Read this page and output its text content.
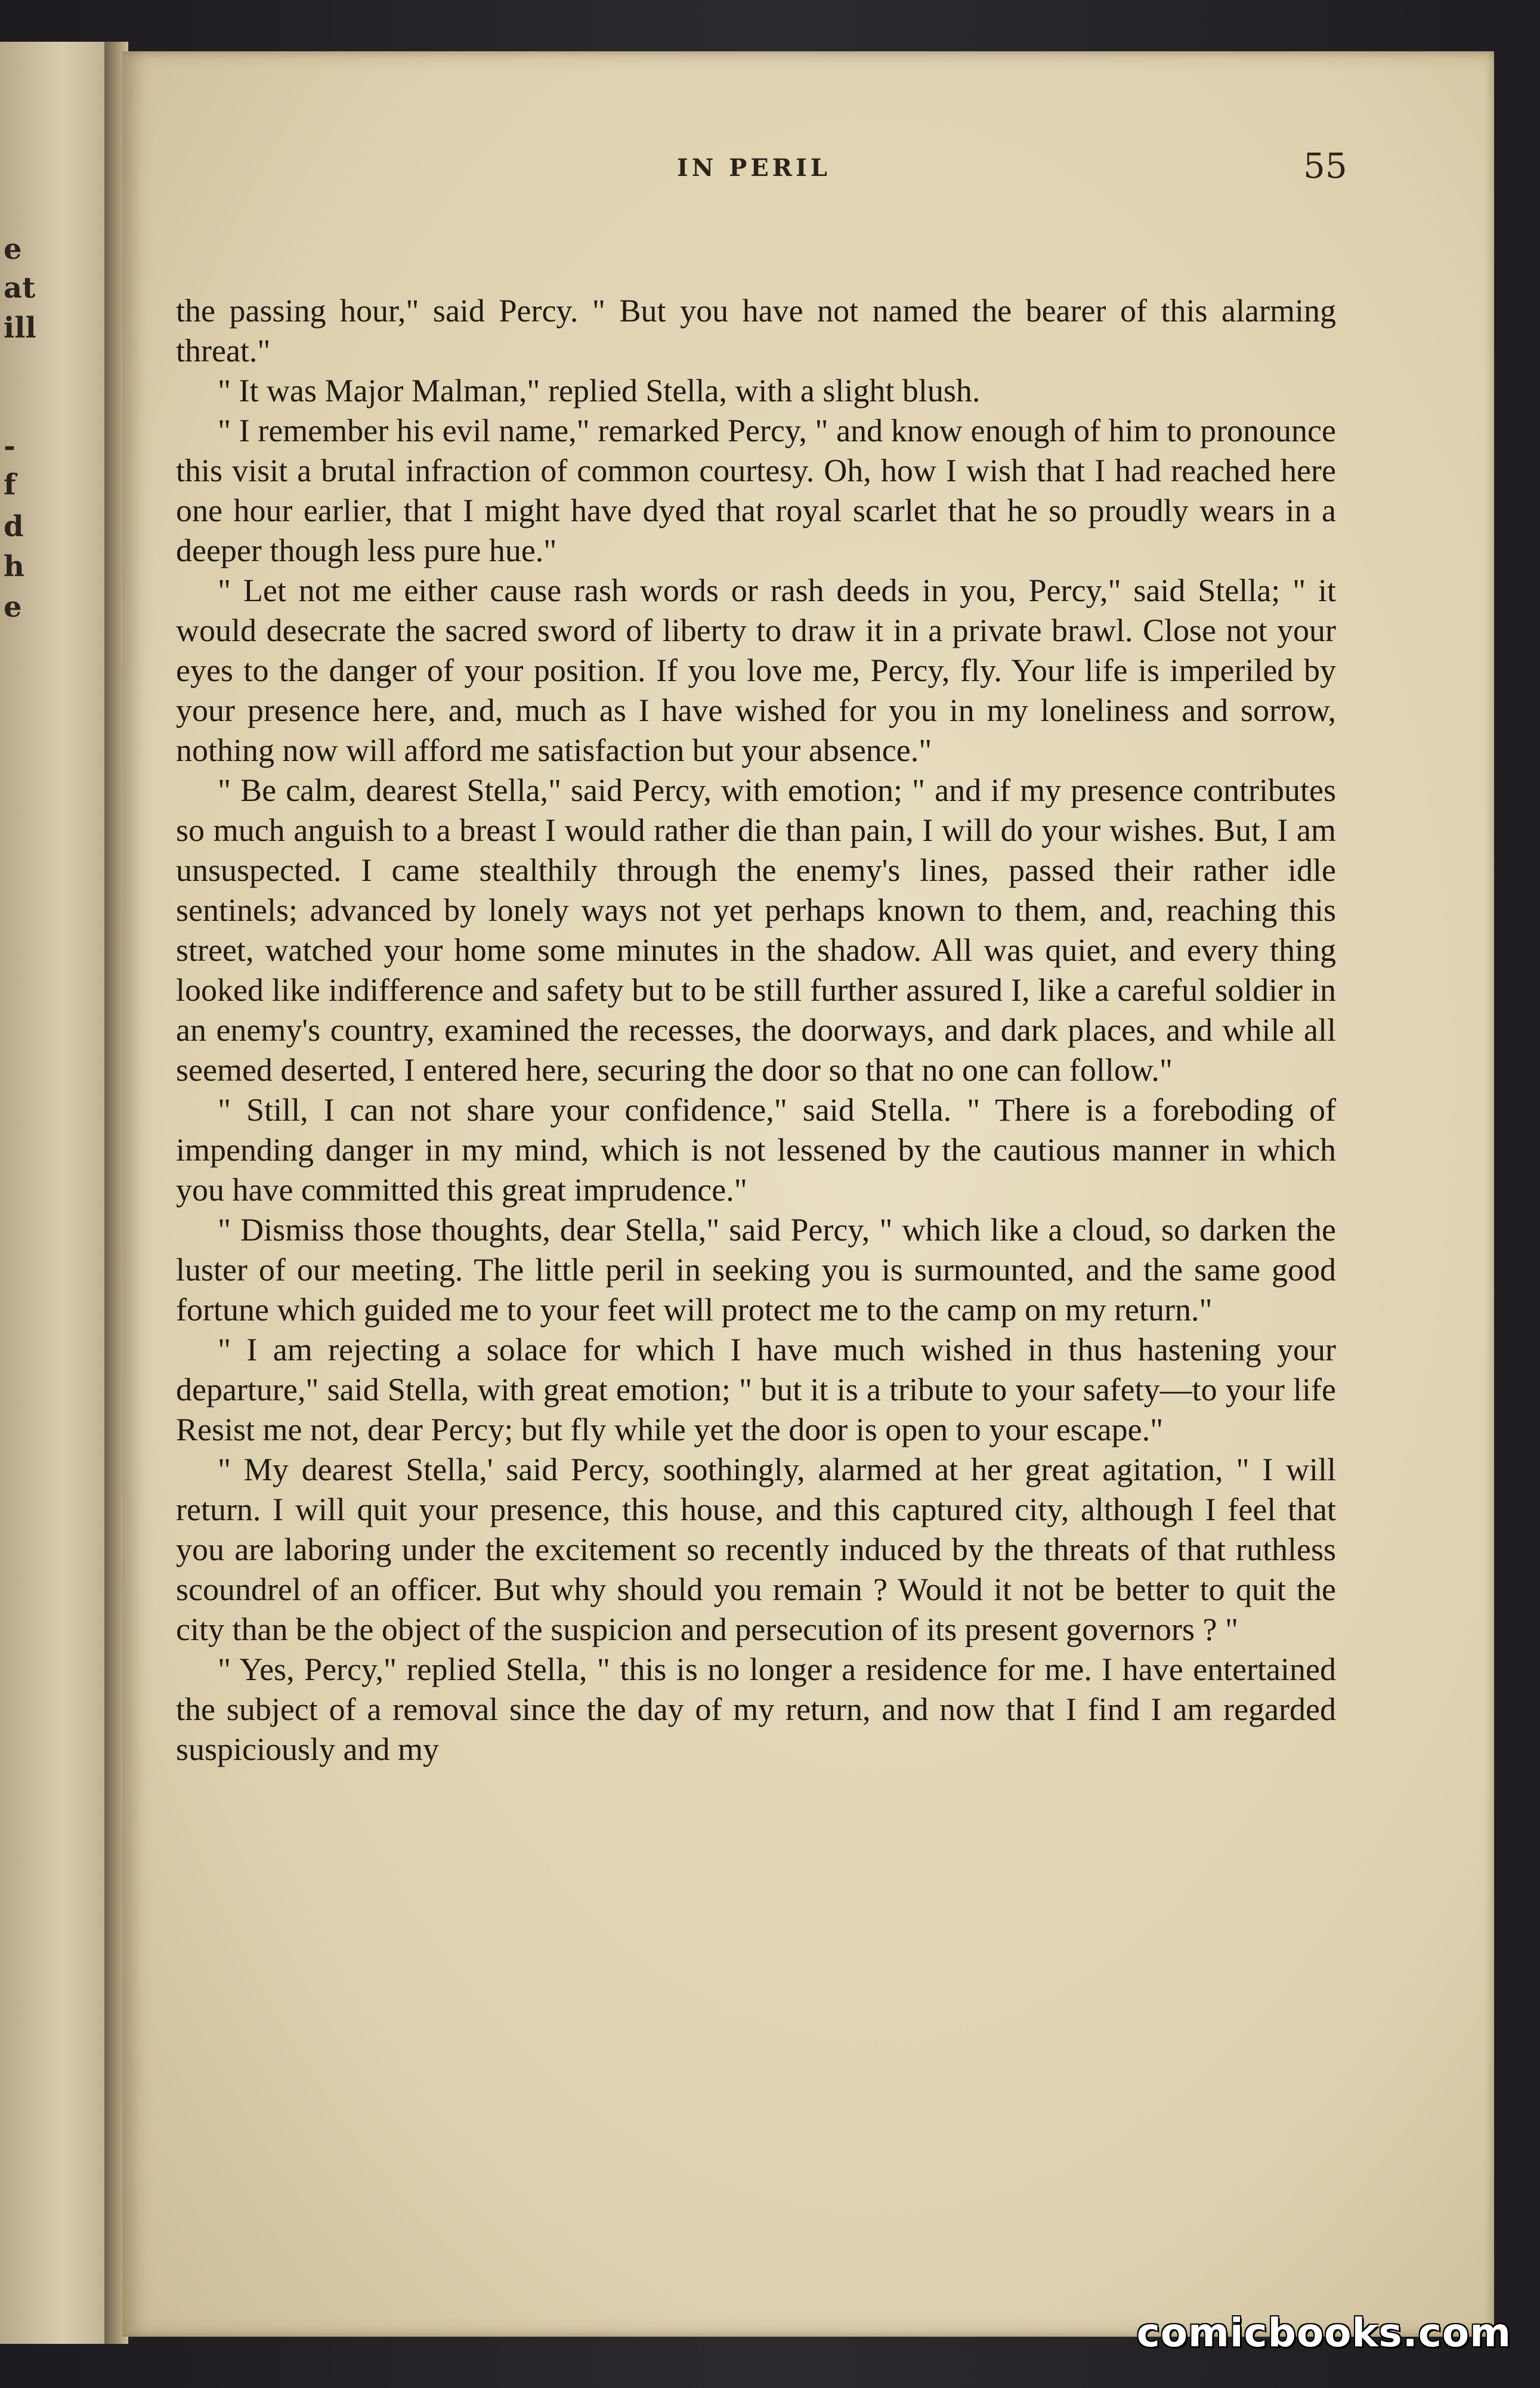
e
at
ill
-
f
d
h
e
IN PERIL	55

the passing hour," said Percy. " But you have not named the bearer of this alarming threat."

" It was Major Malman," replied Stella, with a slight blush.

" I remember his evil name," remarked Percy, " and know enough of him to pronounce this visit a brutal infraction of common courtesy. Oh, how I wish that I had reached here one hour earlier, that I might have dyed that royal scarlet that he so proudly wears in a deeper though less pure hue."

" Let not me either cause rash words or rash deeds in you, Percy," said Stella; " it would desecrate the sacred sword of liberty to draw it in a private brawl. Close not your eyes to the danger of your position. If you love me, Percy, fly. Your life is imperiled by your presence here, and, much as I have wished for you in my loneliness and sorrow, nothing now will afford me satisfaction but your absence."

" Be calm, dearest Stella," said Percy, with emotion; " and if my presence contributes so much anguish to a breast I would rather die than pain, I will do your wishes. But, I am unsuspected. I came stealthily through the enemy's lines, passed their rather idle sentinels; advanced by lonely ways not yet perhaps known to them, and, reaching this street, watched your home some minutes in the shadow. All was quiet, and every thing looked like indifference and safety but to be still further assured I, like a careful soldier in an enemy's country, examined the recesses, the doorways, and dark places, and while all seemed deserted, I entered here, securing the door so that no one can follow."

" Still, I can not share your confidence," said Stella. " There is a foreboding of impending danger in my mind, which is not lessened by the cautious manner in which you have committed this great imprudence."

" Dismiss those thoughts, dear Stella," said Percy, " which like a cloud, so darken the luster of our meeting. The little peril in seeking you is surmounted, and the same good fortune which guided me to your feet will protect me to the camp on my return."

" I am rejecting a solace for which I have much wished in thus hastening your departure," said Stella, with great emotion; " but it is a tribute to your safety—to your life Resist me not, dear Percy; but fly while yet the door is open to your escape."

" My dearest Stella,' said Percy, soothingly, alarmed at her great agitation, " I will return. I will quit your presence, this house, and this captured city, although I feel that you are laboring under the excitement so recently induced by the threats of that ruthless scoundrel of an officer. But why should you remain ? Would it not be better to quit the city than be the object of the suspicion and persecution of its present governors ? "

" Yes, Percy," replied Stella, " this is no longer a residence for me. I have entertained the subject of a removal since the day of my return, and now that I find I am regarded suspiciously and my

comicbooks.com
